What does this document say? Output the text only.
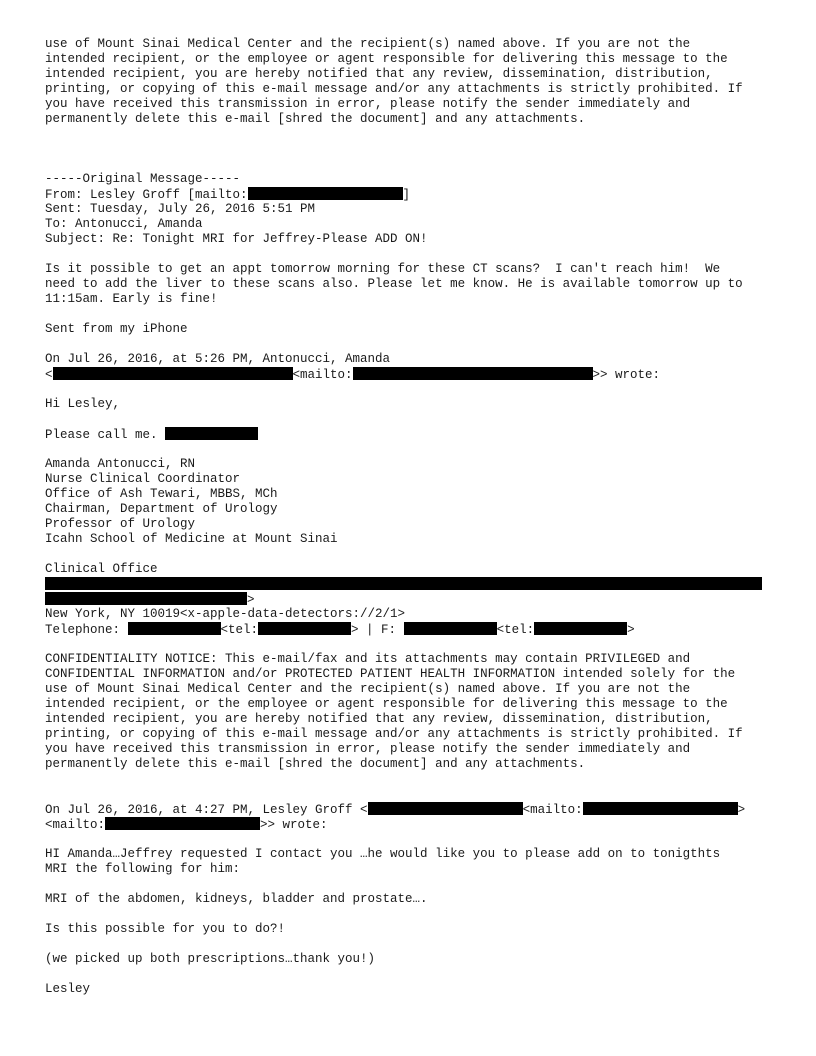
use of Mount Sinai Medical Center and the recipient(s) named above. If you are not the
intended recipient, or the employee or agent responsible for delivering this message to the
intended recipient, you are hereby notified that any review, dissemination, distribution,
printing, or copying of this e-mail message and/or any attachments is strictly prohibited. If
you have received this transmission in error, please notify the sender immediately and
permanently delete this e-mail [shred the document] and any attachments.
-----Original Message-----
From: Lesley Groff [mailto:	]
Sent: Tuesday, July 26, 2016 5:51 PM
To: Antonucci, Amanda
Subject: Re: Tonight MRI for Jeffrey-Please ADD ON!
Is it possible to get an appt tomorrow morning for these CT scans?  I can't reach him!  We
need to add the liver to these scans also. Please let me know. He is available tomorrow up to
11:15am. Early is fine!
Sent from my iPhone
On Jul 26, 2016, at 5:26 PM, Antonucci, Amanda
<	<mailto:	>> wrote:
Hi Lesley,
Please call me.
Amanda Antonucci, RN
Nurse Clinical Coordinator
Office of Ash Tewari, MBBS, MCh
Chairman, Department of Urology
Professor of Urology
Icahn School of Medicine at Mount Sinai
Clinical Office
>
New York, NY 10019<x-apple-data-detectors://2/1>
Telephone:	<tel:	> | F:	<tel:	>
CONFIDENTIALITY NOTICE: This e-mail/fax and its attachments may contain PRIVILEGED and
CONFIDENTIAL INFORMATION and/or PROTECTED PATIENT HEALTH INFORMATION intended solely for the
use of Mount Sinai Medical Center and the recipient(s) named above. If you are not the
intended recipient, or the employee or agent responsible for delivering this message to the
intended recipient, you are hereby notified that any review, dissemination, distribution,
printing, or copying of this e-mail message and/or any attachments is strictly prohibited. If
you have received this transmission in error, please notify the sender immediately and
permanently delete this e-mail [shred the document] and any attachments.
On Jul 26, 2016, at 4:27 PM, Lesley Groff <	<mailto:	>
<mailto:	>> wrote:
HI Amanda…Jeffrey requested I contact you …he would like you to please add on to tonigthts
MRI the following for him:
MRI of the abdomen, kidneys, bladder and prostate….
Is this possible for you to do?!
(we picked up both prescriptions…thank you!)
Lesley
